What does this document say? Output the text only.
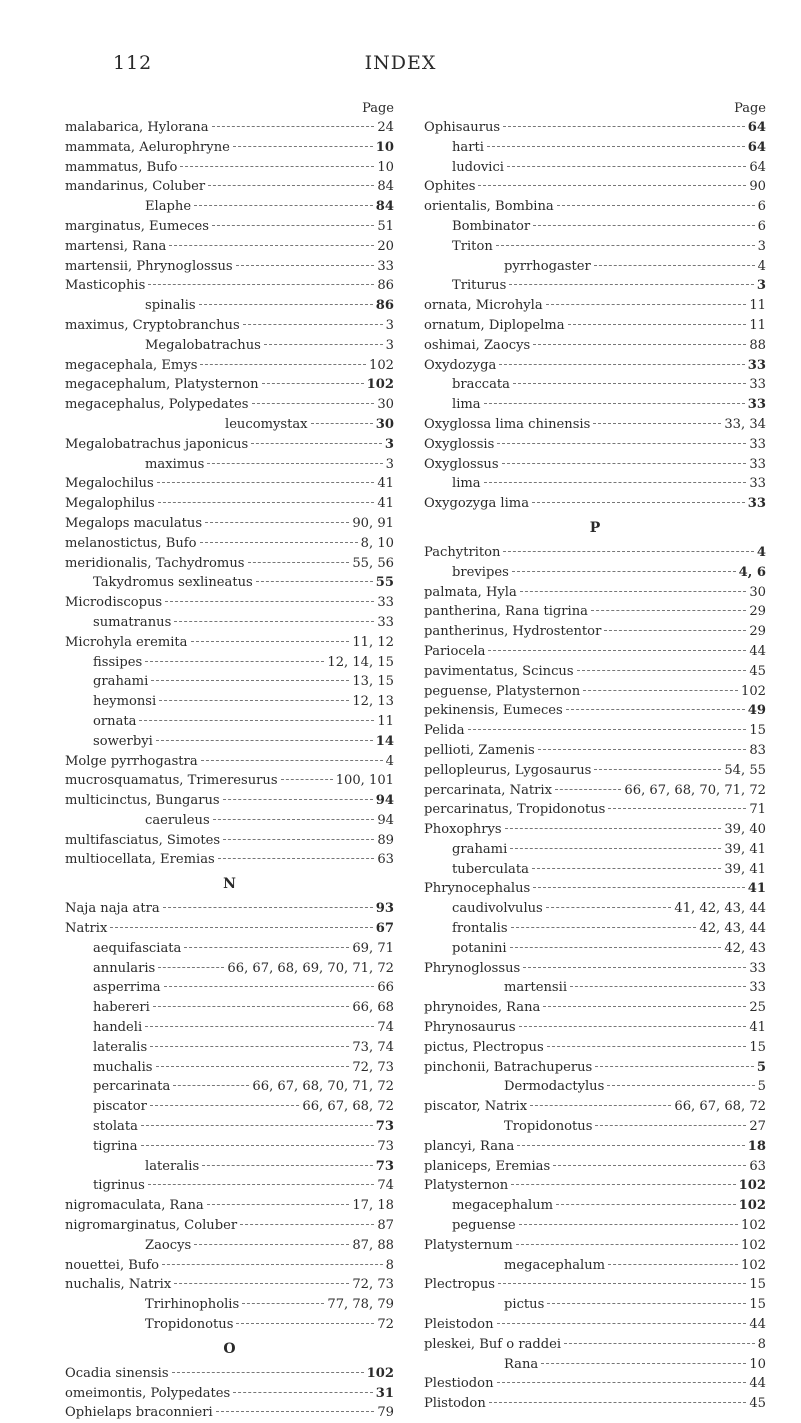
112	INDEX
Page
malabarica, Hylorana	24
mammata, Aelurophryne	10
mammatus, Bufo	10
mandarinus, Coluber	84
Elaphe	84
marginatus, Eumeces	51
martensi, Rana	20
martensii, Phrynoglossus	33
Masticophis	86
spinalis	86
maximus, Cryptobranchus	3
Megalobatrachus	3
megacephala, Emys	102
megacephalum, Platysternon	102
megacephalus, Polypedates	30
leucomystax	30
Megalobatrachus japonicus	3
maximus	3
Megalochilus	41
Megalophilus	41
Megalops maculatus	90, 91
melanostictus, Bufo	8, 10
meridionalis, Tachydromus	55, 56
Takydromus sexlineatus	55
Microdiscopus	33
sumatranus	33
Microhyla eremita	11, 12
fissipes	12, 14, 15
grahami	13, 15
heymonsi	12, 13
ornata	11
sowerbyi	14
Molge pyrrhogastra	4
mucrosquamatus, Trimeresurus	100, 101
multicinctus, Bungarus	94
caeruleus	94
multifasciatus, Simotes	89
multiocellata, Eremias	63
N
Naja naja atra	93
Natrix	67
aequifasciata	69, 71
annularis	66, 67, 68, 69, 70, 71, 72
asperrima	66
habereri	66, 68
handeli	74
lateralis	73, 74
muchalis	72, 73
percarinata	66, 67, 68, 70, 71, 72
piscator	66, 67, 68, 72
stolata	73
tigrina	73
lateralis	73
tigrinus	74
nigromaculata, Rana	17, 18
nigromarginatus, Coluber	87
Zaocys	87, 88
nouettei, Bufo	8
nuchalis, Natrix	72, 73
Trirhinopholis	77, 78, 79
Tropidonotus	72
O
Ocadia sinensis	102
omeimontis, Polypedates	31
Ophielaps braconnieri	79
Page
Ophisaurus	64
harti	64
ludovici	64
Ophites	90
orientalis, Bombina	6
Bombinator	6
Triton	3
pyrrhogaster	4
Triturus	3
ornata, Microhyla	11
ornatum, Diplopelma	11
oshimai, Zaocys	88
Oxydozyga	33
braccata	33
lima	33
Oxyglossa lima chinensis	33, 34
Oxyglossis	33
Oxyglossus	33
lima	33
Oxygozyga lima	33
P
Pachytriton	4
brevipes	4, 6
palmata, Hyla	30
pantherina, Rana tigrina	29
pantherinus, Hydrostentor	29
Pariocela	44
pavimentatus, Scincus	45
peguense, Platysternon	102
pekinensis, Eumeces	49
Pelida	15
pellioti, Zamenis	83
pellopleurus, Lygosaurus	54, 55
percarinata, Natrix	66, 67, 68, 70, 71, 72
percarinatus, Tropidonotus	71
Phoxophrys	39, 40
grahami	39, 41
tuberculata	39, 41
Phrynocephalus	41
caudivolvulus	41, 42, 43, 44
frontalis	42, 43, 44
potanini	42, 43
Phrynoglossus	33
martensii	33
phrynoides, Rana	25
Phrynosaurus	41
pictus, Plectropus	15
pinchonii, Batrachuperus	5
Dermodactylus	5
piscator, Natrix	66, 67, 68, 72
Tropidonotus	27
plancyi, Rana	18
planiceps, Eremias	63
Platysternon	102
megacephalum	102
peguense	102
Platysternum	102
megacephalum	102
Plectropus	15
pictus	15
Pleistodon	44
pleskei, Buf o raddei	8
Rana	10
Plestiodon	44
Plistodon	45
